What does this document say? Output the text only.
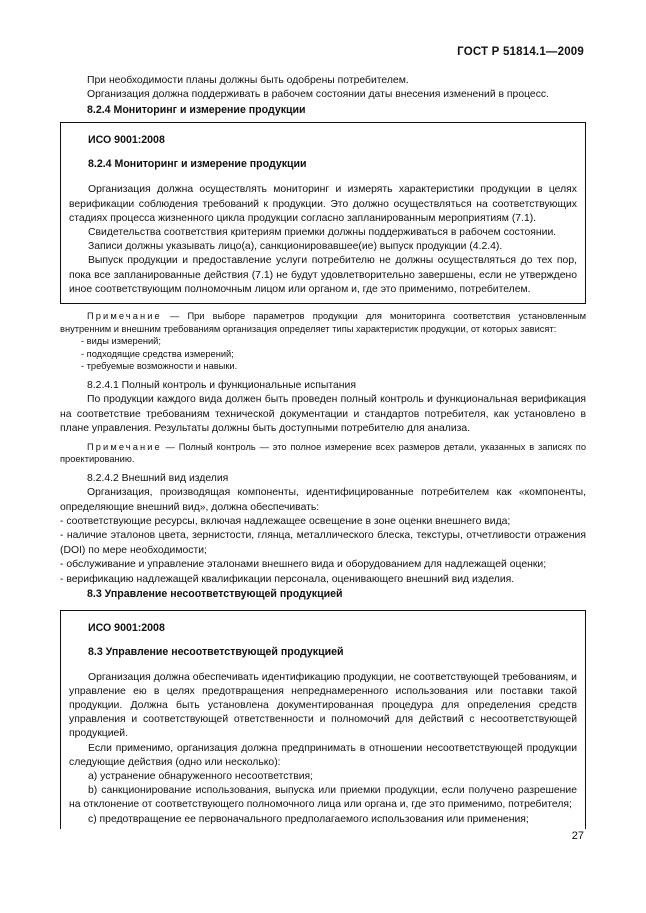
ГОСТ Р 51814.1—2009

При необходимости планы должны быть одобрены потребителем.

Организация должна поддерживать в рабочем состоянии даты внесения изменений в процесс.

8.2.4 Мониторинг и измерение продукции

ИСО 9001:2008

8.2.4 Мониторинг и измерение продукции

Организация должна осуществлять мониторинг и измерять характеристики продукции в целях верификации соблюдения требований к продукции. Это должно осуществляться на соответствующих стадиях процесса жизненного цикла продукции согласно запланированным мероприятиям (7.1).

Свидетельства соответствия критериям приемки должны поддерживаться в рабочем состоянии.

Записи должны указывать лицо(а), санкционировавшее(ие) выпуск продукции (4.2.4).

Выпуск продукции и предоставление услуги потребителю не должны осуществляться до тех пор, пока все запланированные действия (7.1) не будут удовлетворительно завершены, если не утверждено иное соответствующим полномочным лицом или органом и, где это применимо, потребителем.

Примечание — При выборе параметров продукции для мониторинга соответствия установленным внутренним и внешним требованиям организация определяет типы характеристик продукции, от которых зависят:

- виды измерений;

- подходящие средства измерений;

- требуемые возможности и навыки.

8.2.4.1 Полный контроль и функциональные испытания

По продукции каждого вида должен быть проведен полный контроль и функциональная верификация на соответствие требованиям технической документации и стандартов потребителя, как установлено в плане управления. Результаты должны быть доступными потребителю для анализа.

Примечание — Полный контроль — это полное измерение всех размеров детали, указанных в записях по проектированию.

8.2.4.2 Внешний вид изделия

Организация, производящая компоненты, идентифицированные потребителем как «компоненты, определяющие внешний вид», должна обеспечивать:

- соответствующие ресурсы, включая надлежащее освещение в зоне оценки внешнего вида;

- наличие эталонов цвета, зернистости, глянца, металлического блеска, текстуры, отчетливости отражения (DOI) по мере необходимости;

- обслуживание и управление эталонами внешнего вида и оборудованием для надлежащей оценки;

- верификацию надлежащей квалификации персонала, оценивающего внешний вид изделия.

8.3 Управление несоответствующей продукцией

ИСО 9001:2008

8.3 Управление несоответствующей продукцией

Организация должна обеспечивать идентификацию продукции, не соответствующей требованиям, и управление ею в целях предотвращения непреднамеренного использования или поставки такой продукции. Должна быть установлена документированная процедура для определения средств управления и соответствующей ответственности и полномочий для действий с несоответствующей продукцией.

Если применимо, организация должна предпринимать в отношении несоответствующей продукции следующие действия (одно или несколько):

a) устранение обнаруженного несоответствия;

b) санкционирование использования, выпуска или приемки продукции, если получено разрешение на отклонение от соответствующего полномочного лица или органа и, где это применимо, потребителя;

c) предотвращение ее первоначального предполагаемого использования или применения;

27
